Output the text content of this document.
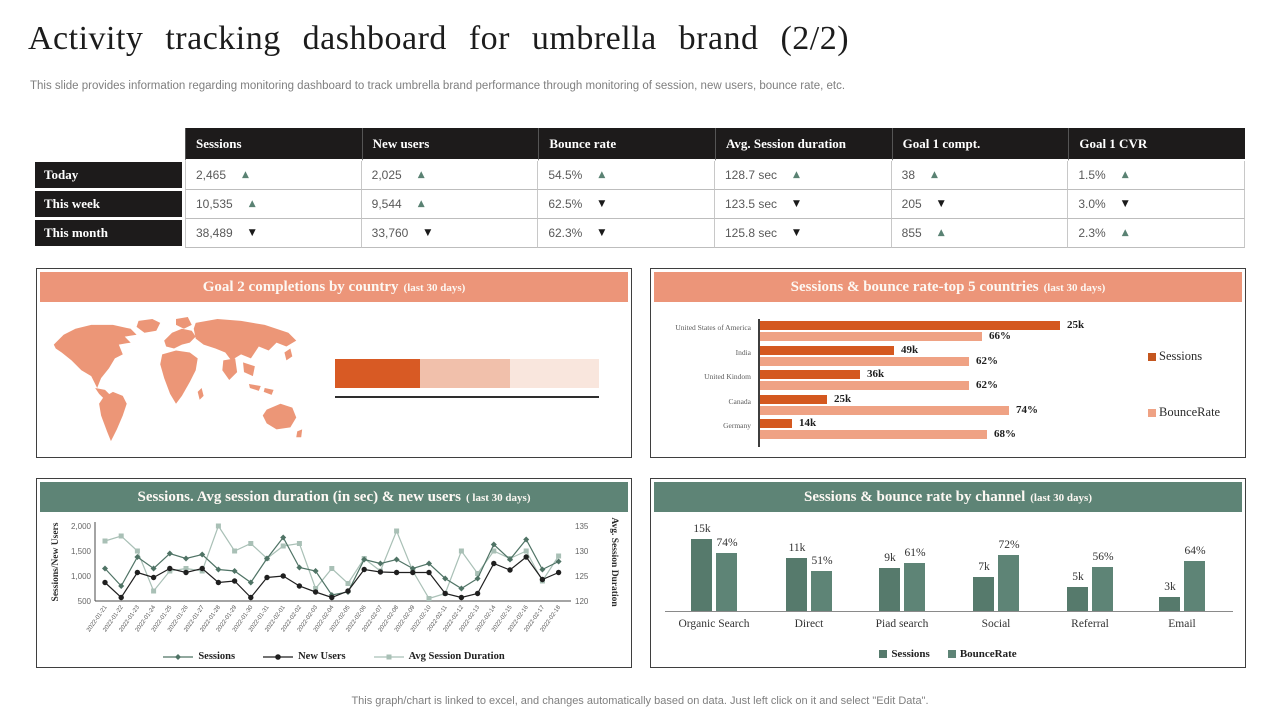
Activity tracking dashboard for umbrella brand (2/2)
This slide provides information regarding monitoring dashboard to track umbrella brand performance through monitoring of session, new users, bounce rate, etc.
Sessions	New users	Bounce rate	Avg. Session duration	Goal 1 compt.	Goal 1 CVR
Today	2,465 ▲	2,025 ▲	54.5% ▲	128.7 sec ▲	38 ▲	1.5% ▲
This week	10,535 ▲	9,544 ▲	62.5% ▼	123.5 sec ▼	205 ▼	3.0% ▼
This month	38,489 ▼	33,760 ▼	62.3% ▼	125.8 sec ▼	855 ▲	2.3% ▲
Goal 2 completions by country (last 30 days)	Sessions & bounce rate-top 5 countries (last 30 days)
United States of America	25k
66%
India	49k
62%
United Kindom	36k
62%
Canada	25k
74%
Germany	14k
68%
Sessions
BounceRate
Sessions. Avg session duration (in sec) & new users ( last 30 days)
Sessions/New Users	Avg. Session Duration
2,000
1,500
1,000
500
135
130
125
120
2022-01-21
2022-01-22
2022-01-23
2022-01-24
2022-01-25
2022-01-26
2022-01-27
2022-01-28
2022-01-29
2022-01-30
2022-01-31
2022-02-01
2022-02-02
2022-02-03
2022-02-04
2022-02-05
2022-02-06
2022-02-07
2022-02-08
2022-02-09
2022-02-10
2022-02-11
2022-02-12
2022-02-13
2022-02-14
2022-02-15
2022-02-16
2022-02-17
2022-02-18
Sessions	New Users	Avg Session Duration
Sessions & bounce rate by channel (last 30 days)
15k
74%
Organic Search
11k
51%
Direct
9k 61%
Piad search
7k
72%
Social
5k
56%
Referral
3k
64%
Email
Sessions	BounceRate
This graph/chart is linked to excel, and changes automatically based on data. Just left click on it and select "Edit Data".
